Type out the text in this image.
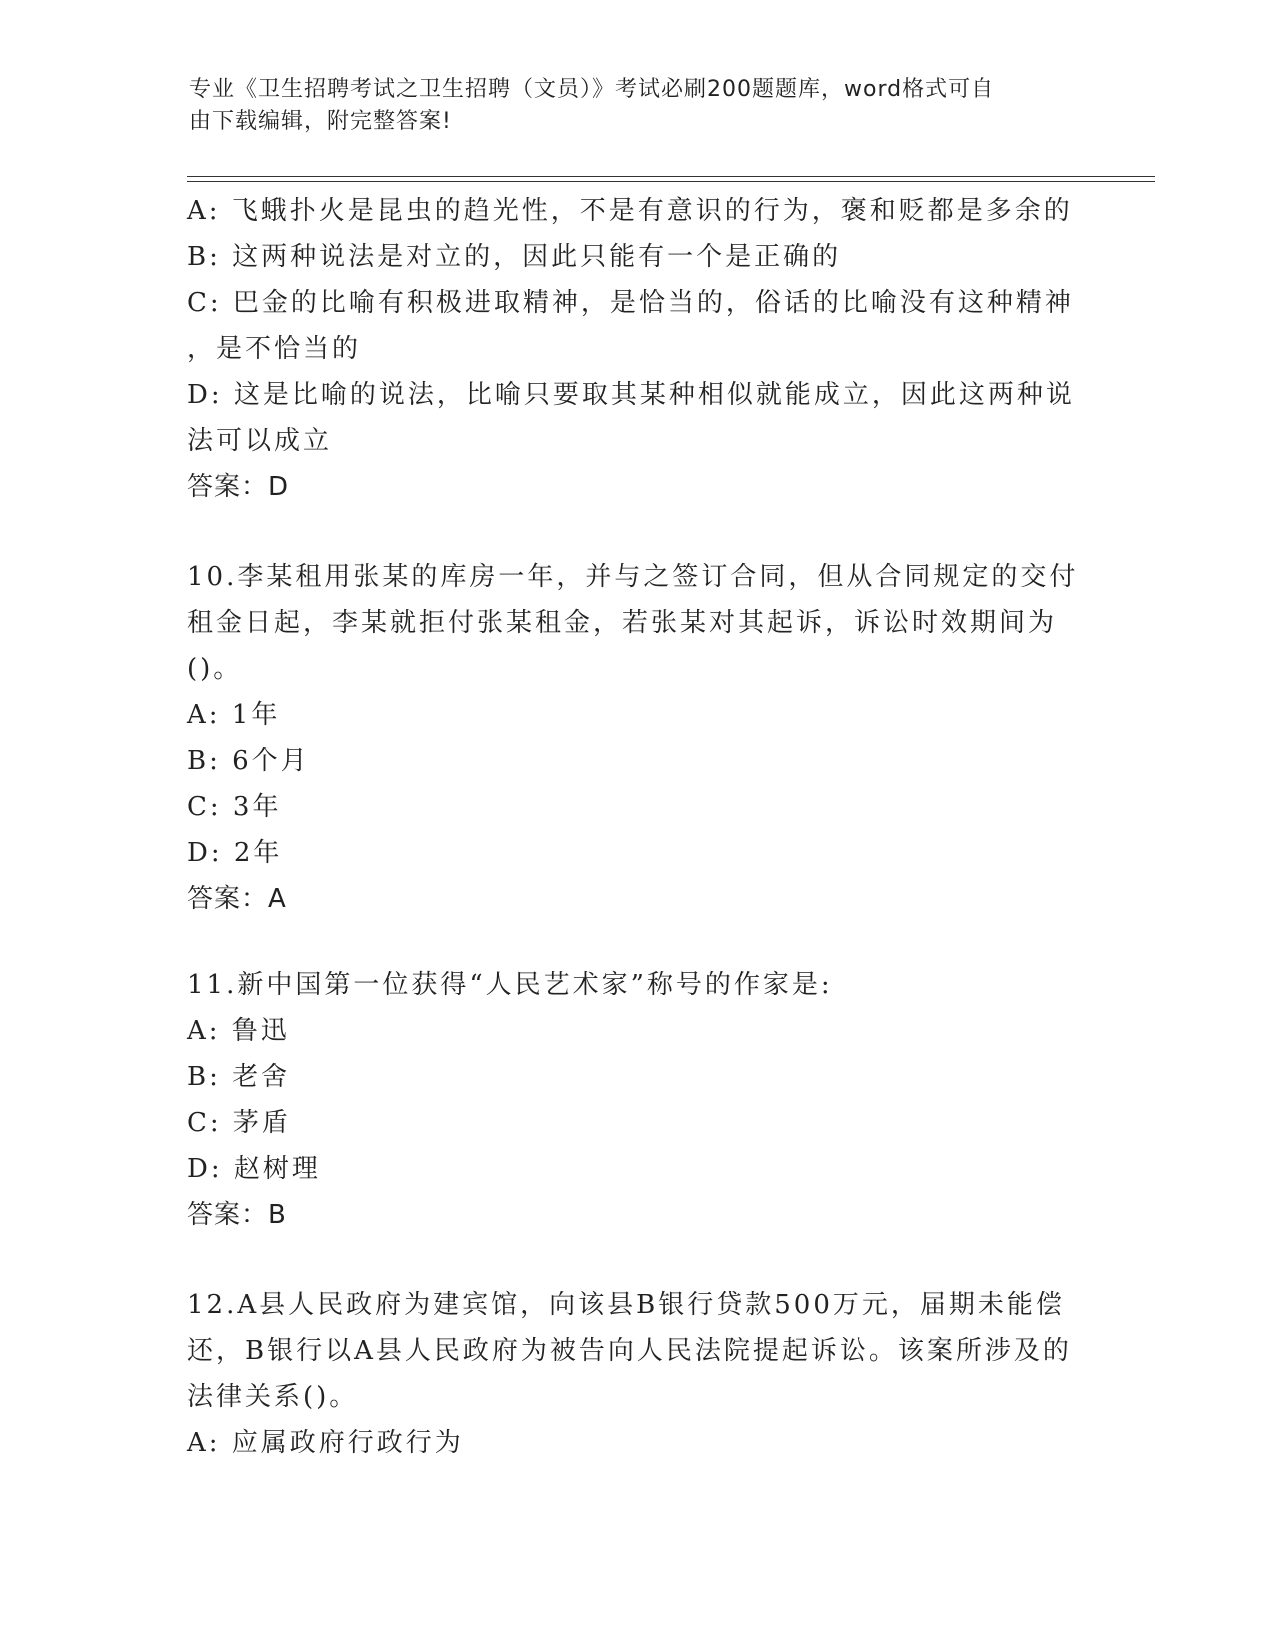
专业《卫生招聘考试之卫生招聘（文员）》考试必刷200题题库，word格式可自
由下载编辑，附完整答案!
A: 飞蛾扑火是昆虫的趋光性，不是有意识的行为，褒和贬都是多余的
B: 这两种说法是对立的，因此只能有一个是正确的
C: 巴金的比喻有积极进取精神，是恰当的，俗话的比喻没有这种精神
，是不恰当的
D: 这是比喻的说法，比喻只要取其某种相似就能成立，因此这两种说
法可以成立
答案：D
10.李某租用张某的库房一年，并与之签订合同，但从合同规定的交付
租金日起，李某就拒付张某租金，若张某对其起诉，诉讼时效期间为
()。
A: 1年
B: 6个月
C: 3年
D: 2年
答案：A
11.新中国第一位获得“人民艺术家”称号的作家是:
A: 鲁迅
B: 老舍
C: 茅盾
D: 赵树理
答案：B
12.A县人民政府为建宾馆，向该县B银行贷款500万元，届期未能偿
还，B银行以A县人民政府为被告向人民法院提起诉讼。该案所涉及的
法律关系()。
A: 应属政府行政行为
